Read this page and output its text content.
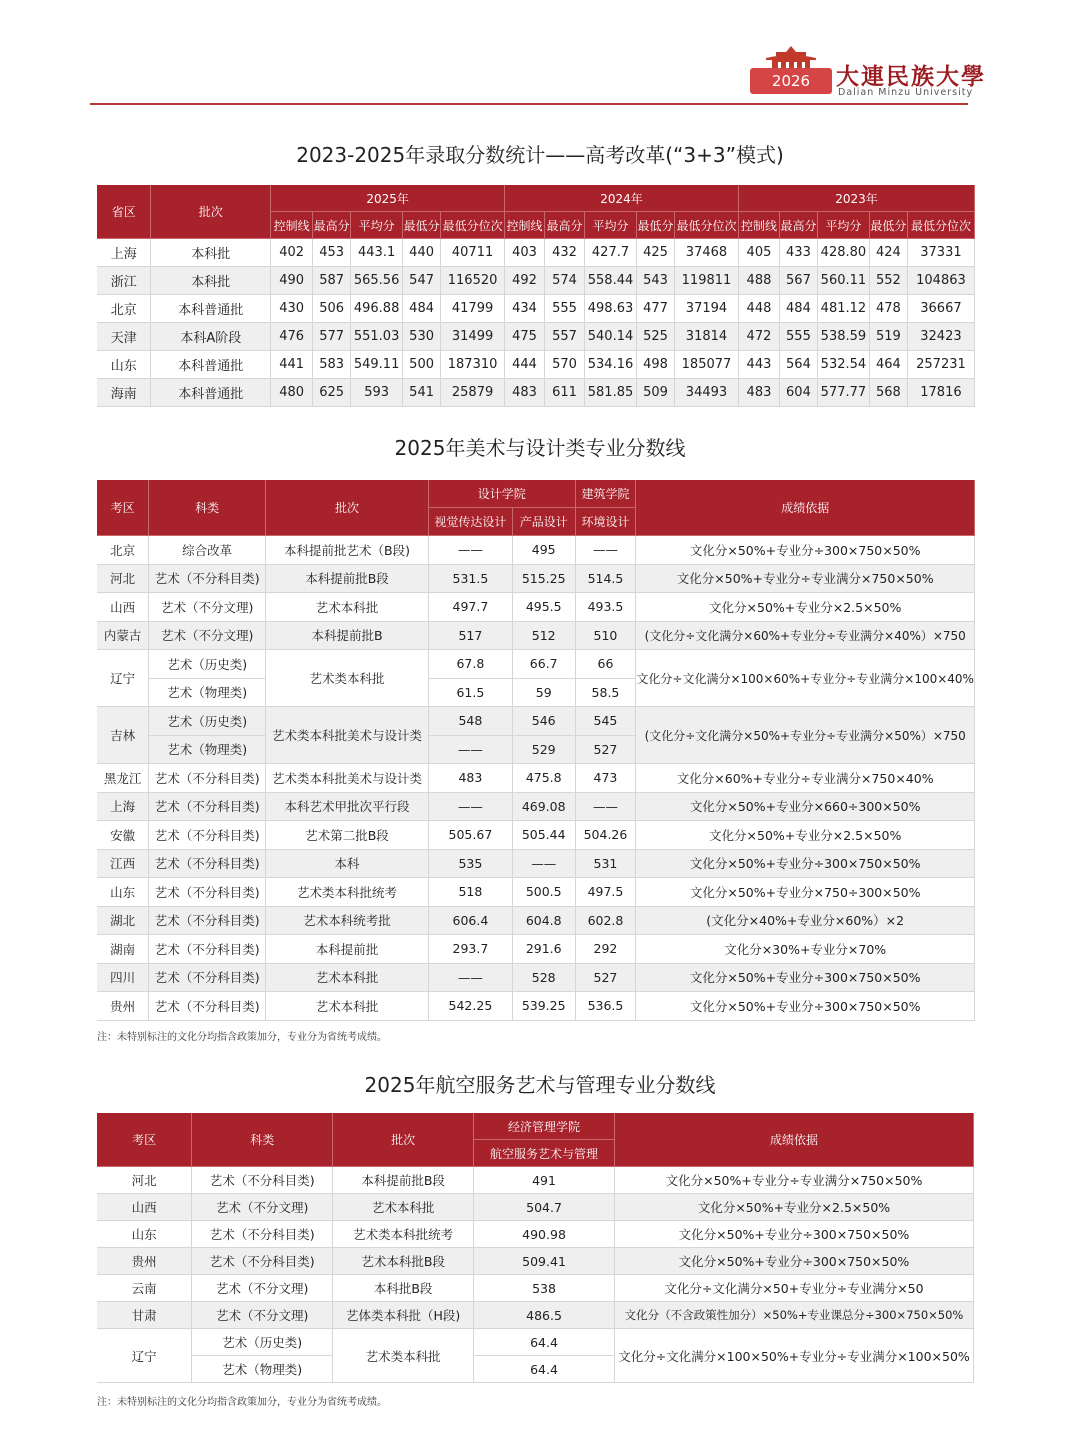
2026	大連民族大學
Dalian Minzu University
2023-2025年录取分数统计——高考改革(“3+3”模式)
省区	批次	2025年					2024年					2023年				
		控制线	最高分	平均分	最低分	最低分位次	控制线	最高分	平均分	最低分	最低分位次	控制线	最高分	平均分	最低分	最低分位次
上海	本科批	402	453	443.1	440	40711	403	432	427.7	425	37468	405	433	428.80	424	37331
浙江	本科批	490	587	565.56	547	116520	492	574	558.44	543	119811	488	567	560.11	552	104863
北京	本科普通批	430	506	496.88	484	41799	434	555	498.63	477	37194	448	484	481.12	478	36667
天津	本科A阶段	476	577	551.03	530	31499	475	557	540.14	525	31814	472	555	538.59	519	32423
山东	本科普通批	441	583	549.11	500	187310	444	570	534.16	498	185077	443	564	532.54	464	257231
海南	本科普通批	480	625	593	541	25879	483	611	581.85	509	34493	483	604	577.77	568	17816
2025年美术与设计类专业分数线
考区	科类	批次	设计学院		建筑学院	成绩依据
			视觉传达设计	产品设计	环境设计	
北京	综合改革	本科提前批艺术（B段)	——	495	——	文化分×50%+专业分÷300×750×50%
河北	艺术（不分科目类)	本科提前批B段	531.5	515.25	514.5	文化分×50%+专业分÷专业满分×750×50%
山西	艺术（不分文理)	艺术本科批	497.7	495.5	493.5	文化分×50%+专业分×2.5×50%
内蒙古	艺术（不分文理)	本科提前批B	517	512	510	(文化分÷文化满分×60%+专业分÷专业满分×40%）×750
辽宁	艺术（历史类)	艺术类本科批	67.8	66.7	66	文化分÷文化满分×100×60%+专业分÷专业满分×100×40%
	艺术（物理类)		61.5	59	58.5	
吉林	艺术（历史类)	艺术类本科批美术与设计类	548	546	545	(文化分÷文化满分×50%+专业分÷专业满分×50%）×750
	艺术（物理类)		——	529	527	
黑龙江	艺术（不分科目类)	艺术类本科批美术与设计类	483	475.8	473	文化分×60%+专业分÷专业满分×750×40%
上海	艺术（不分科目类)	本科艺术甲批次平行段	——	469.08	——	文化分×50%+专业分×660÷300×50%
安徽	艺术（不分科目类)	艺术第二批B段	505.67	505.44	504.26	文化分×50%+专业分×2.5×50%
江西	艺术（不分科目类)	本科	535	——	531	文化分×50%+专业分÷300×750×50%
山东	艺术（不分科目类)	艺术类本科批统考	518	500.5	497.5	文化分×50%+专业分×750÷300×50%
湖北	艺术（不分科目类)	艺术本科统考批	606.4	604.8	602.8	(文化分×40%+专业分×60%）×2
湖南	艺术（不分科目类)	本科提前批	293.7	291.6	292	文化分×30%+专业分×70%
四川	艺术（不分科目类)	艺术本科批	——	528	527	文化分×50%+专业分÷300×750×50%
贵州	艺术（不分科目类)	艺术本科批	542.25	539.25	536.5	文化分×50%+专业分÷300×750×50%
注：未特别标注的文化分均指含政策加分，专业分为省统考成绩。
2025年航空服务艺术与管理专业分数线
考区	科类	批次	经济管理学院	成绩依据
			航空服务艺术与管理	
河北	艺术（不分科目类)	本科提前批B段	491	文化分×50%+专业分÷专业满分×750×50%
山西	艺术（不分文理)	艺术本科批	504.7	文化分×50%+专业分×2.5×50%
山东	艺术（不分科目类)	艺术类本科批统考	490.98	文化分×50%+专业分÷300×750×50%
贵州	艺术（不分科目类)	艺术本科批B段	509.41	文化分×50%+专业分÷300×750×50%
云南	艺术（不分文理)	本科批B段	538	文化分÷文化满分×50+专业分÷专业满分×50
甘肃	艺术（不分文理)	艺体类本科批（H段)	486.5	文化分（不含政策性加分）×50%+专业课总分÷300×750×50%
辽宁	艺术（历史类)	艺术类本科批	64.4	文化分÷文化满分×100×50%+专业分÷专业满分×100×50%
	艺术（物理类)		64.4	
注：未特别标注的文化分均指含政策加分，专业分为省统考成绩。
